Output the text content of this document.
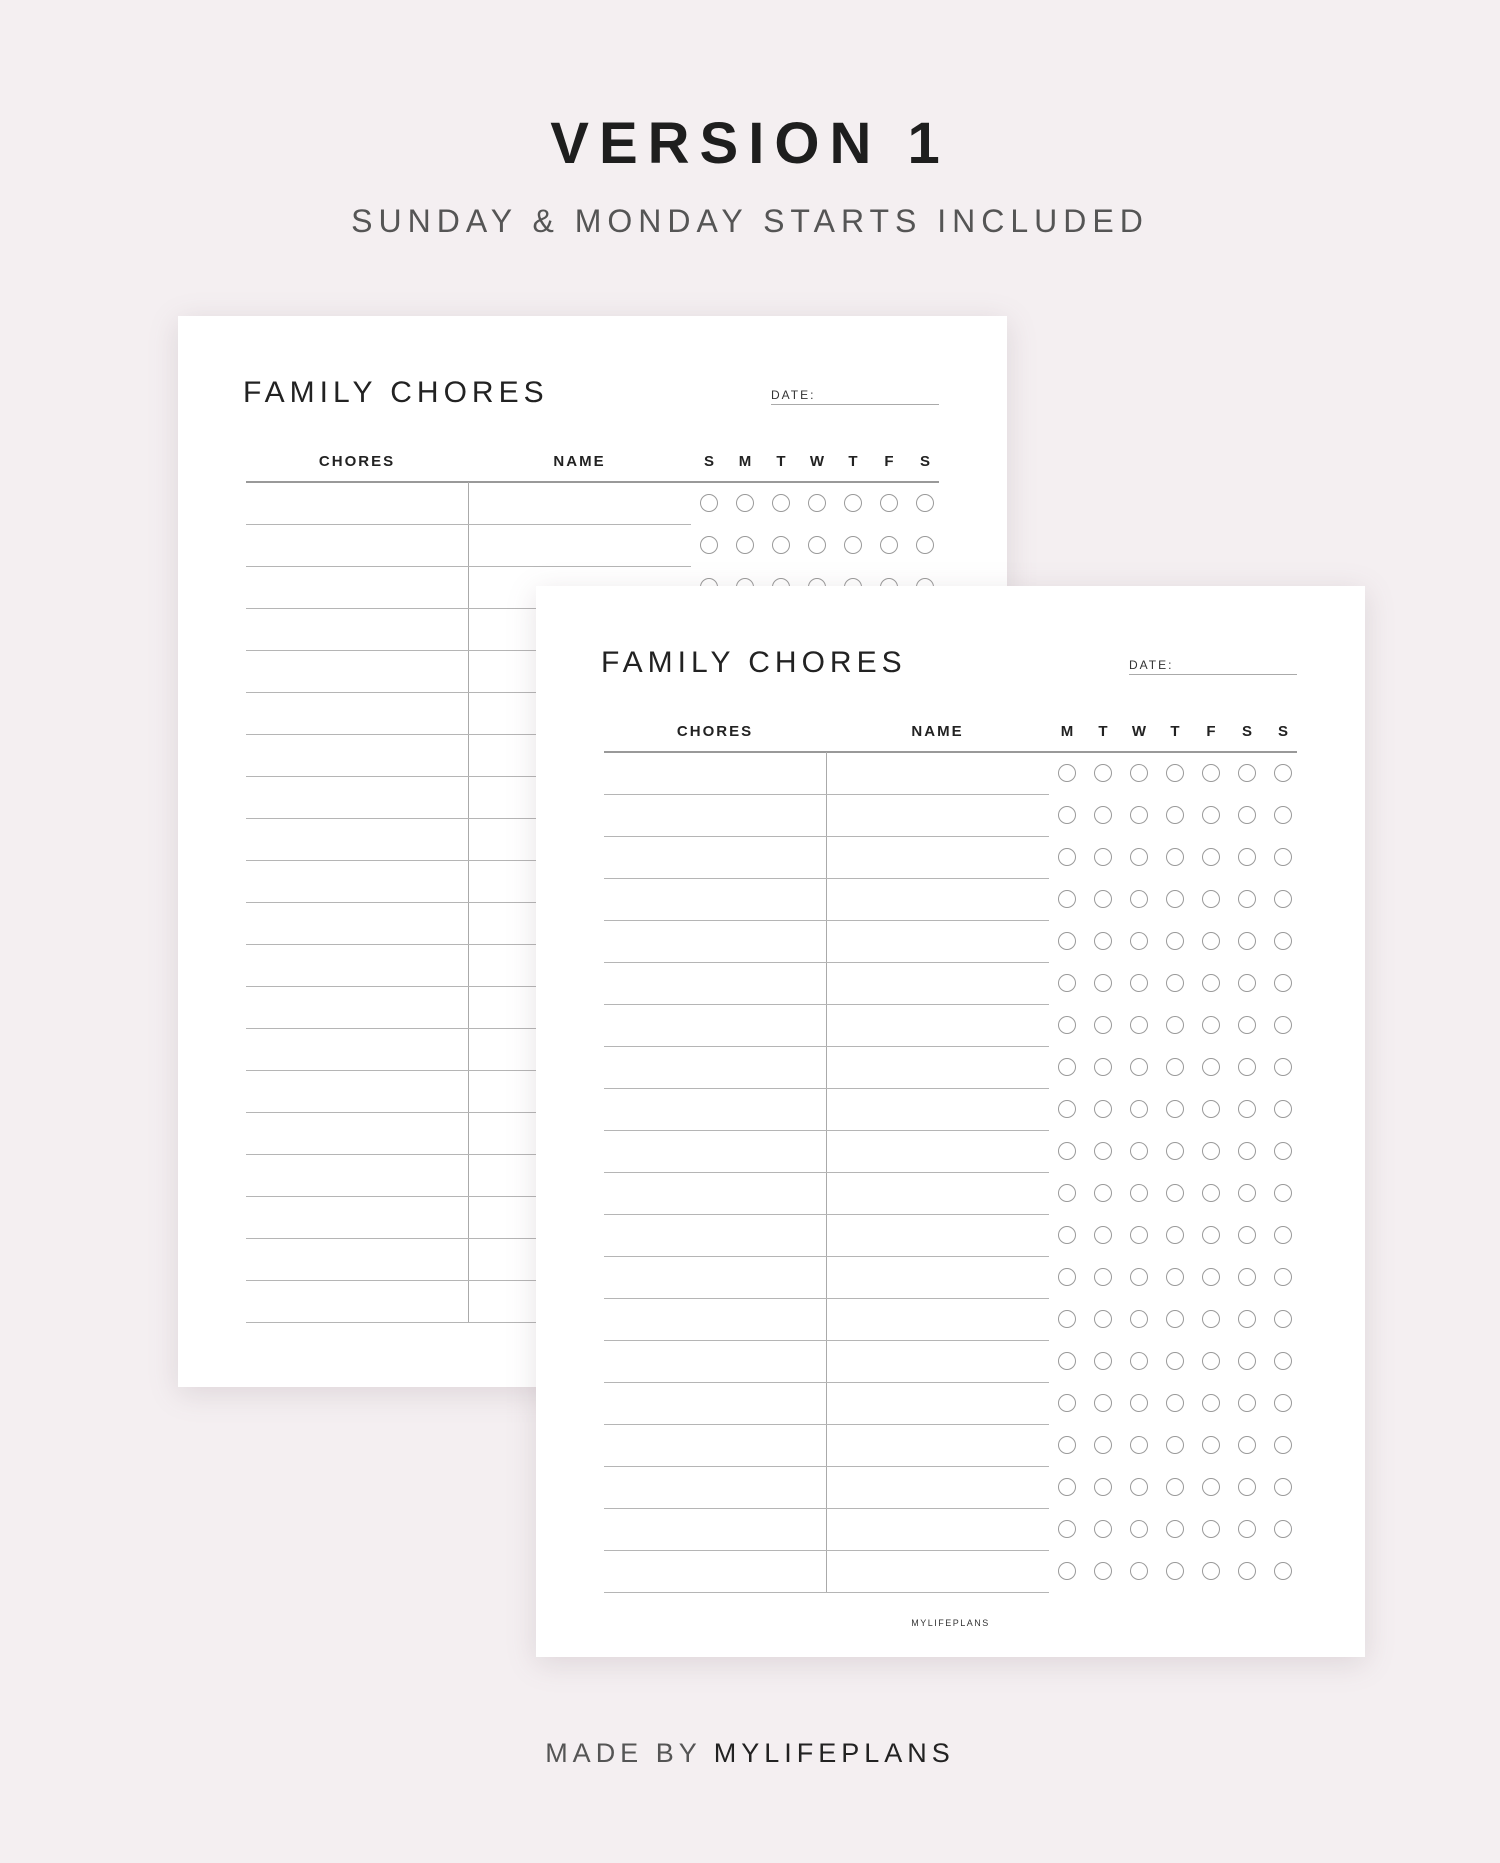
VERSION 1
SUNDAY & MONDAY STARTS INCLUDED
FAMILY CHORES	DATE:
CHORES	NAME	S	M	T	W	T	F	S
FAMILY CHORES	DATE:
CHORES	NAME	M	T	W	T	F	S	S
MYLIFEPLANS
MADE BY MYLIFEPLANS
